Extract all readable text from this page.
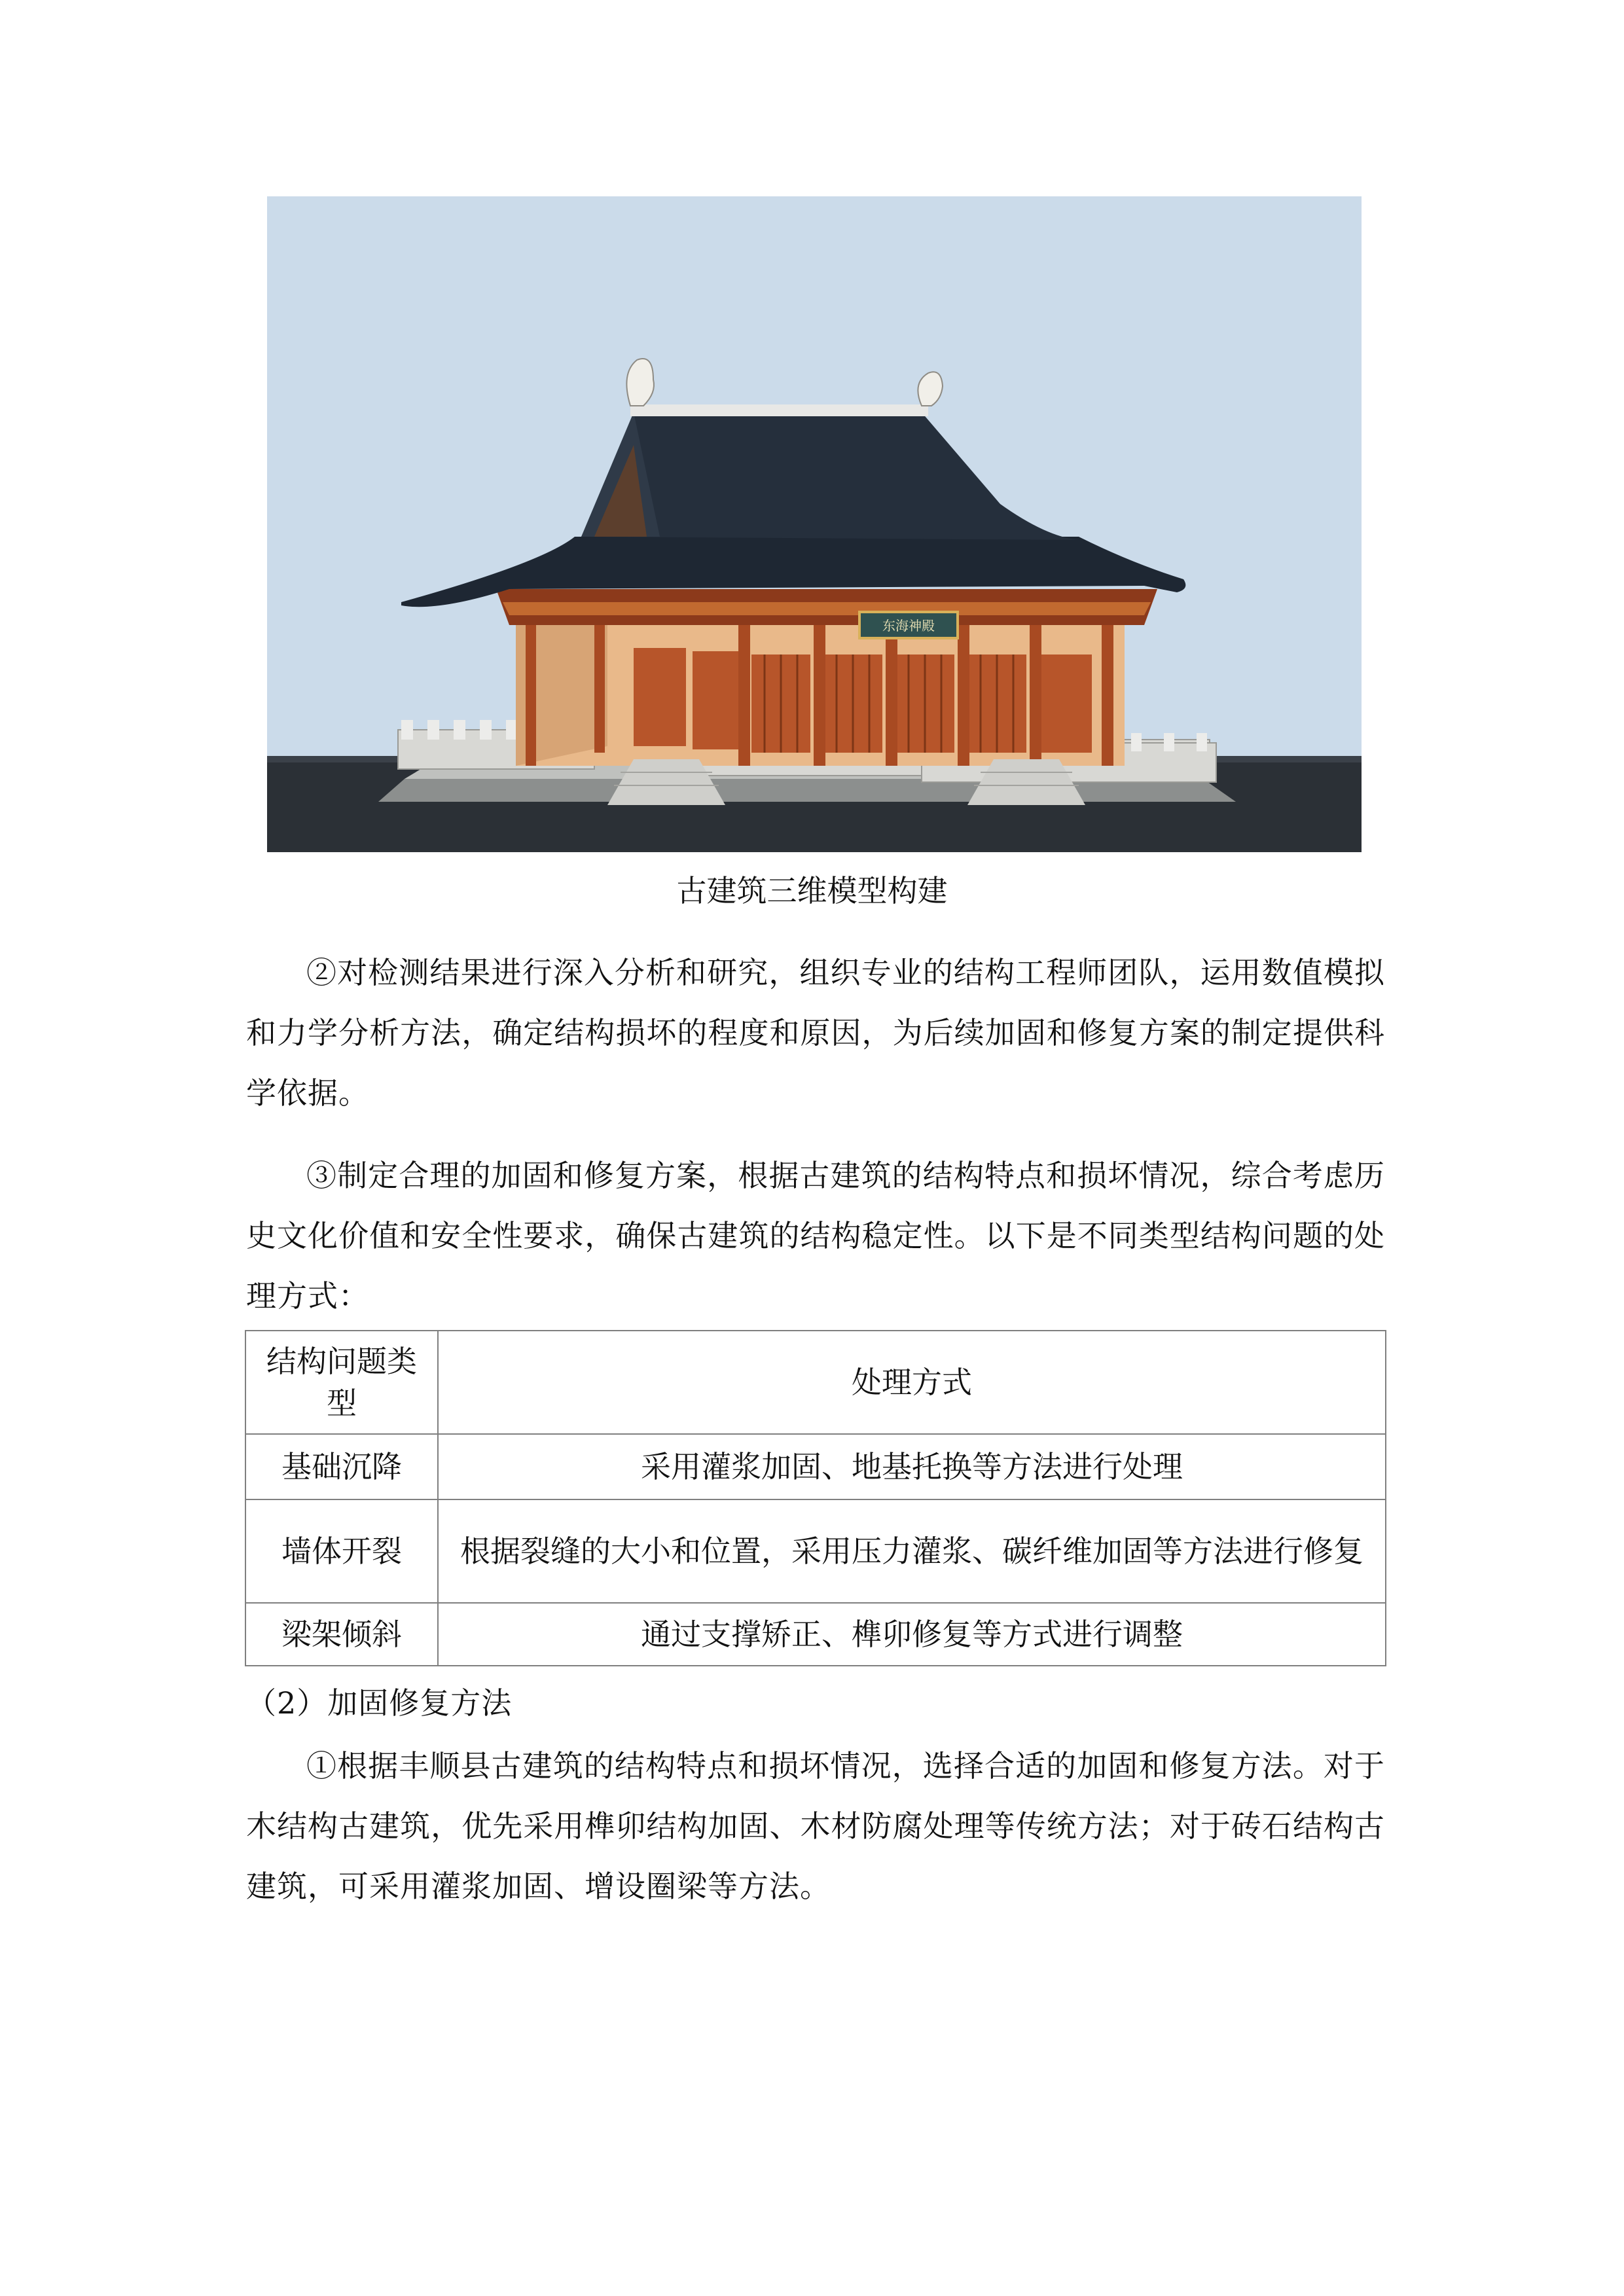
东海神殿
古建筑三维模型构建

②对检测结果进行深入分析和研究，组织专业的结构工程师团队，运用数值模拟和力学分析方法，确定结构损坏的程度和原因，为后续加固和修复方案的制定提供科学依据。

③制定合理的加固和修复方案，根据古建筑的结构特点和损坏情况，综合考虑历史文化价值和安全性要求，确保古建筑的结构稳定性。以下是不同类型结构问题的处理方式：

结构问题类型	处理方式
基础沉降	采用灌浆加固、地基托换等方法进行处理
墙体开裂	根据裂缝的大小和位置，采用压力灌浆、碳纤维加固等方法进行修复
梁架倾斜	通过支撑矫正、榫卯修复等方式进行调整

（2）加固修复方法

①根据丰顺县古建筑的结构特点和损坏情况，选择合适的加固和修复方法。对于木结构古建筑，优先采用榫卯结构加固、木材防腐处理等传统方法；对于砖石结构古建筑，可采用灌浆加固、增设圈梁等方法。
